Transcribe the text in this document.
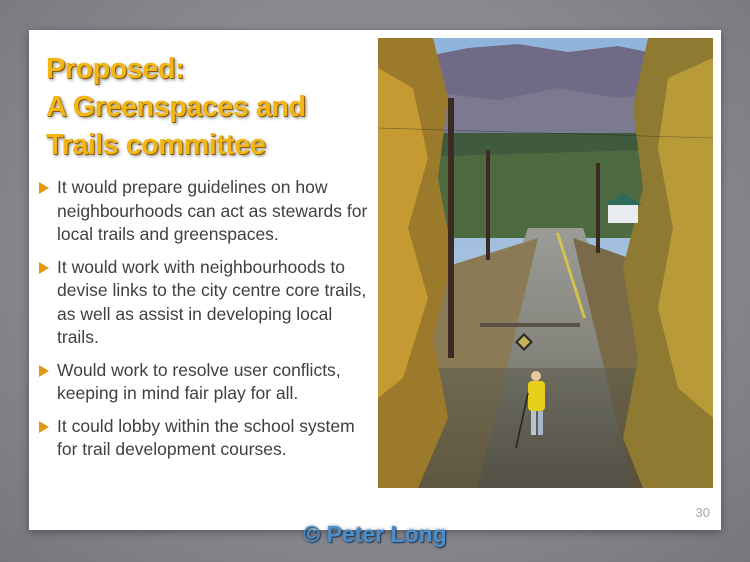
Proposed:
A Greenspaces and
Trails committee
It would prepare guidelines on how neighbourhoods can act as stewards for local trails and greenspaces.
It would work with neighbourhoods to devise links to the city centre core trails, as well as assist in developing local trails.
Would work to resolve user conflicts, keeping in mind fair play for all.
It could lobby within the school system for trail development courses.
30
© Peter Long
